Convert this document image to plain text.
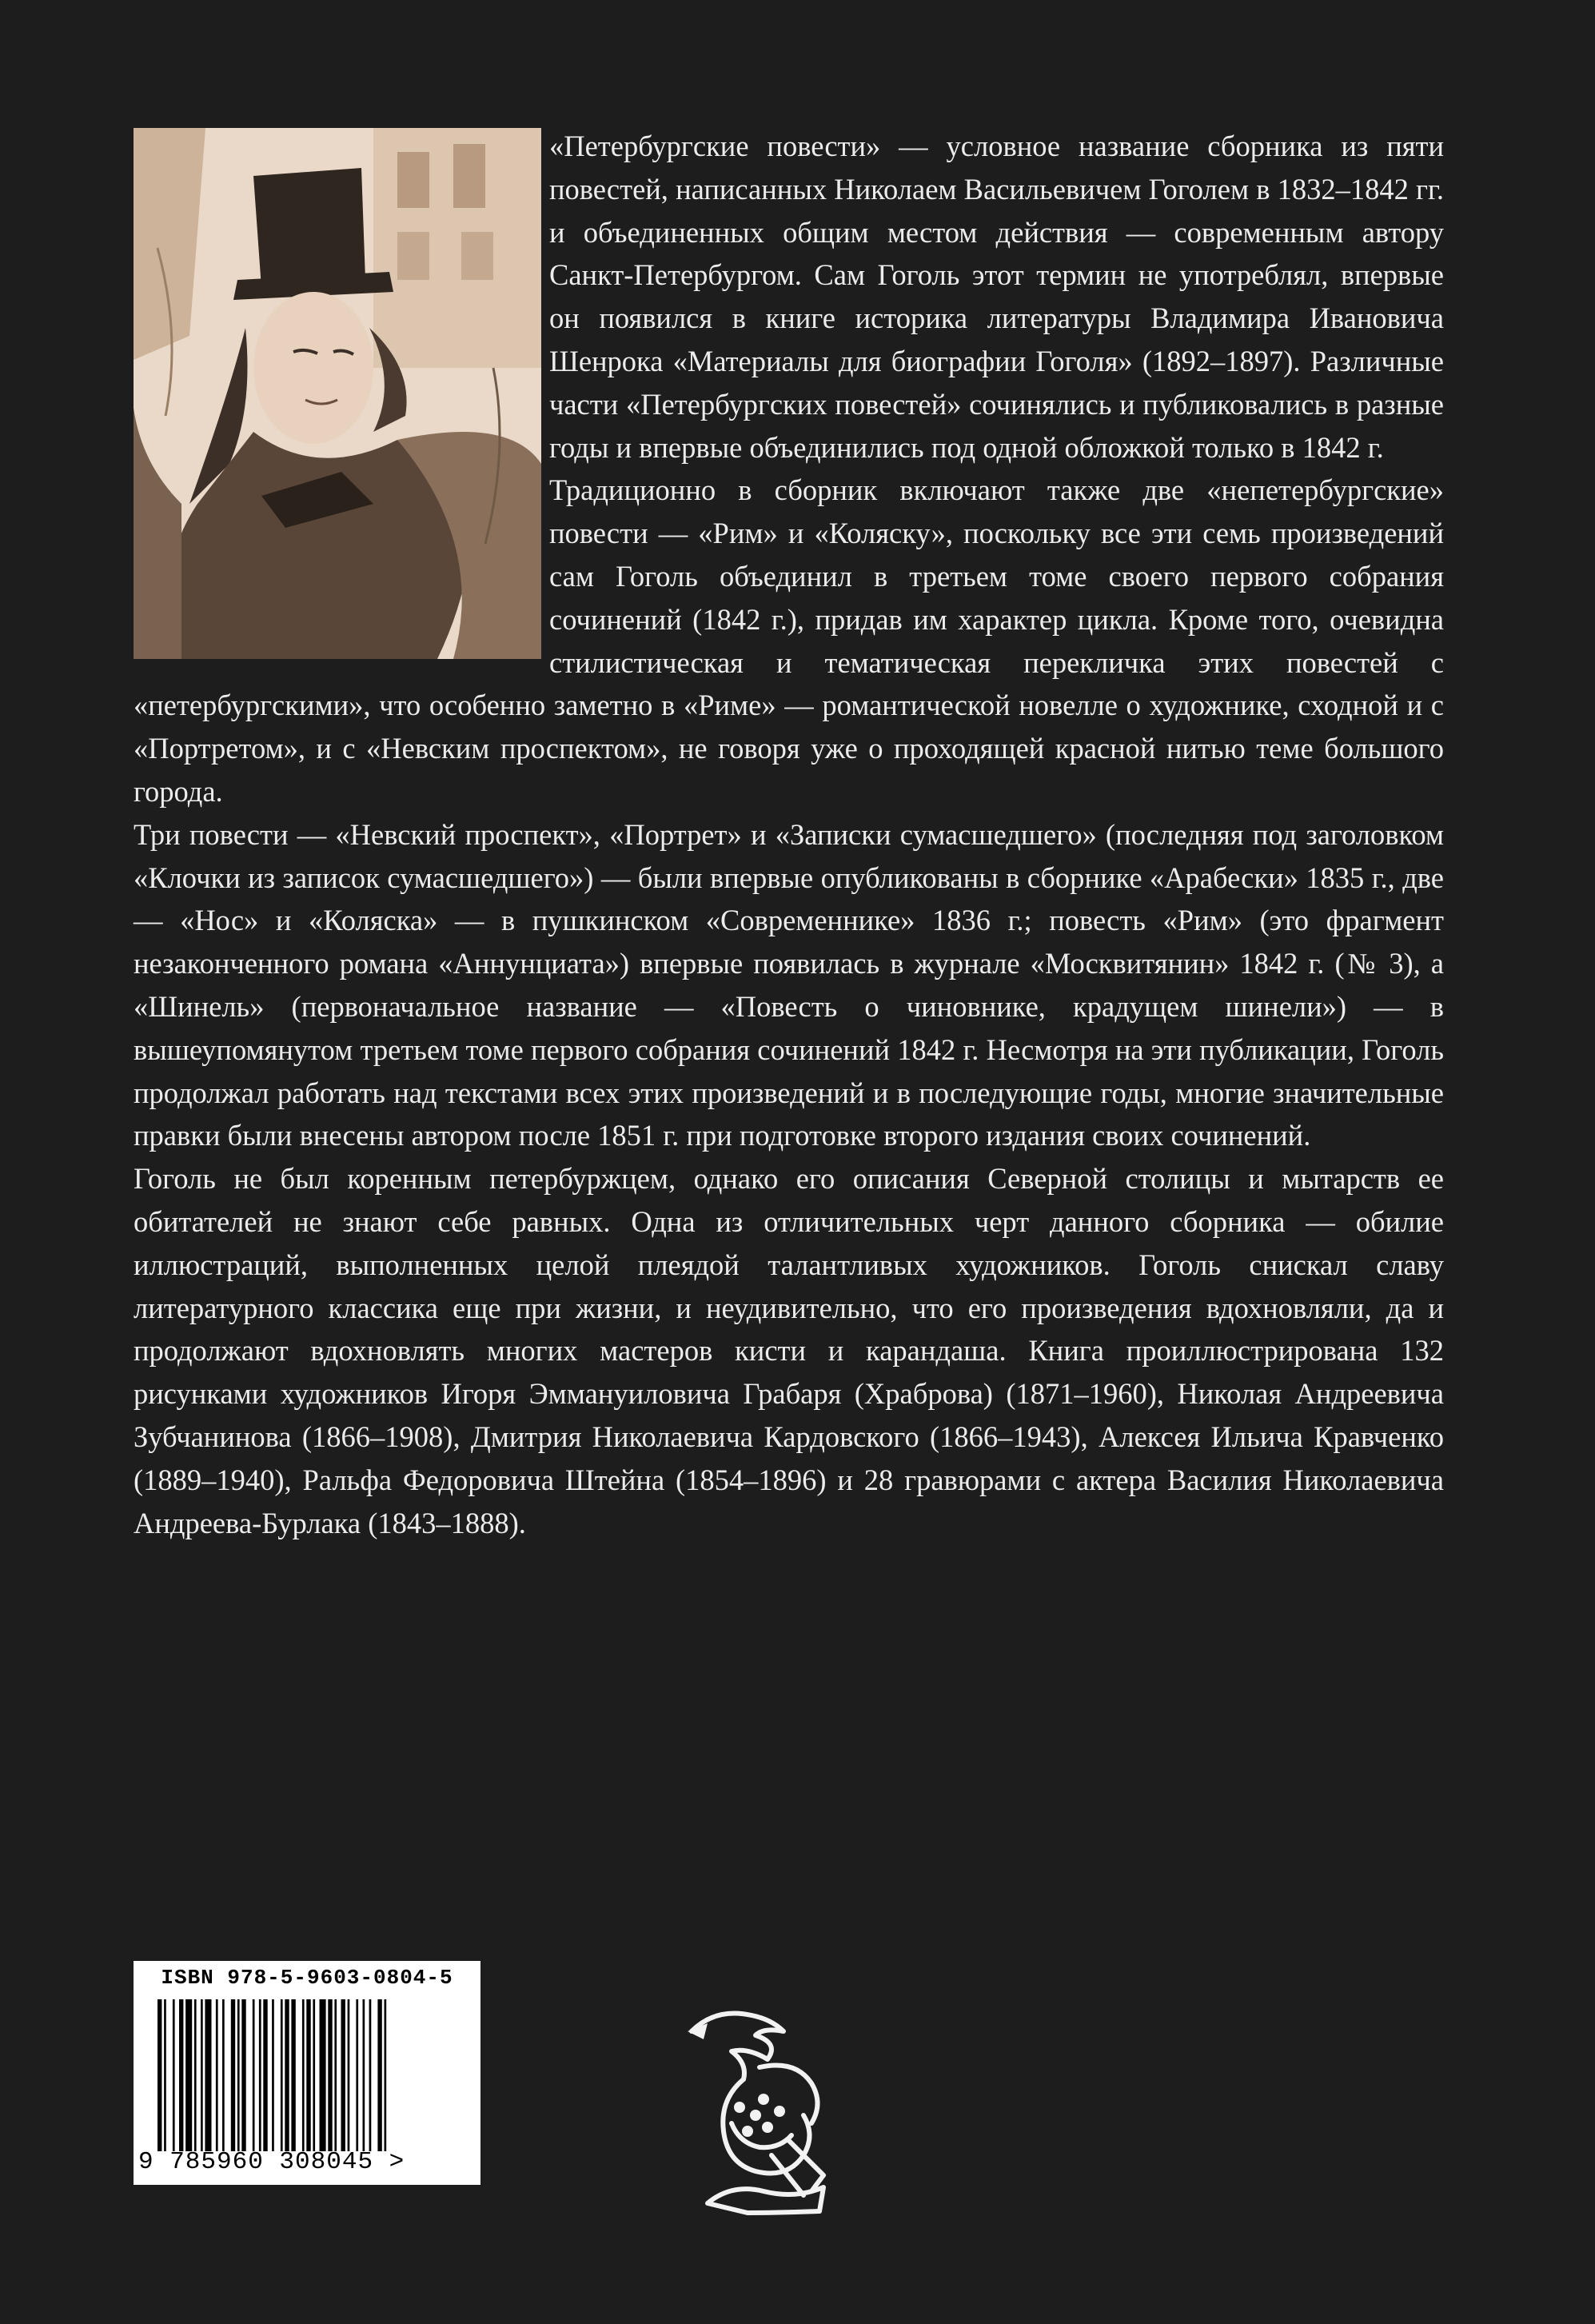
«Петербургские повести» — условное название сборника из пяти повестей, написанных Николаем Васильевичем Гоголем в 1832–1842 гг. и объединенных общим местом действия — современным автору Санкт-Петербургом. Сам Гоголь этот термин не употреблял, впервые он появился в книге историка литературы Владимира Ивановича Шенрока «Материалы для биографии Гоголя» (1892–1897). Различные части «Петербургских повестей» сочинялись и публиковались в разные годы и впервые объединились под одной обложкой только в 1842 г.

Традиционно в сборник включают также две «непетербургские» повести — «Рим» и «Коляску», поскольку все эти семь произведений сам Гоголь объединил в третьем томе своего первого собрания сочинений (1842 г.), придав им характер цикла. Кроме того, очевидна стилистическая и тематическая перекличка этих повестей с «петербургскими», что особенно заметно в «Риме» — романтической новелле о художнике, сходной и с «Портретом», и с «Невским проспектом», не говоря уже о проходящей красной нитью теме большого города.

Три повести — «Невский проспект», «Портрет» и «Записки сумасшедшего» (последняя под заголовком «Клочки из записок сумасшедшего») — были впервые опубликованы в сборнике «Арабески» 1835 г., две — «Нос» и «Коляска» — в пушкинском «Современнике» 1836 г.; повесть «Рим» (это фрагмент незаконченного романа «Аннунциата») впервые появилась в журнале «Москвитянин» 1842 г. (№ 3), а «Шинель» (первоначальное название — «Повесть о чиновнике, крадущем шинели») — в вышеупомянутом третьем томе первого собрания сочинений 1842 г. Несмотря на эти публикации, Гоголь продолжал работать над текстами всех этих произведений и в последующие годы, многие значительные правки были внесены автором после 1851 г. при подготовке второго издания своих сочинений.

Гоголь не был коренным петербуржцем, однако его описания Северной столицы и мытарств ее обитателей не знают себе равных. Одна из отличительных черт данного сборника — обилие иллюстраций, выполненных целой плеядой талантливых художников. Гоголь снискал славу литературного классика еще при жизни, и неудивительно, что его произведения вдохновляли, да и продолжают вдохновлять многих мастеров кисти и карандаша. Книга проиллюстрирована 132 рисунками художников Игоря Эммануиловича Грабаря (Храброва) (1871–1960), Николая Андреевича Зубчанинова (1866–1908), Дмитрия Николаевича Кардовского (1866–1943), Алексея Ильича Кравченко (1889–1940), Ральфа Федоровича Штейна (1854–1896) и 28 гравюрами с актера Василия Николаевича Андреева-Бурлака (1843–1888).

ISBN 978-5-9603-0804-5
9 785960 308045 >
